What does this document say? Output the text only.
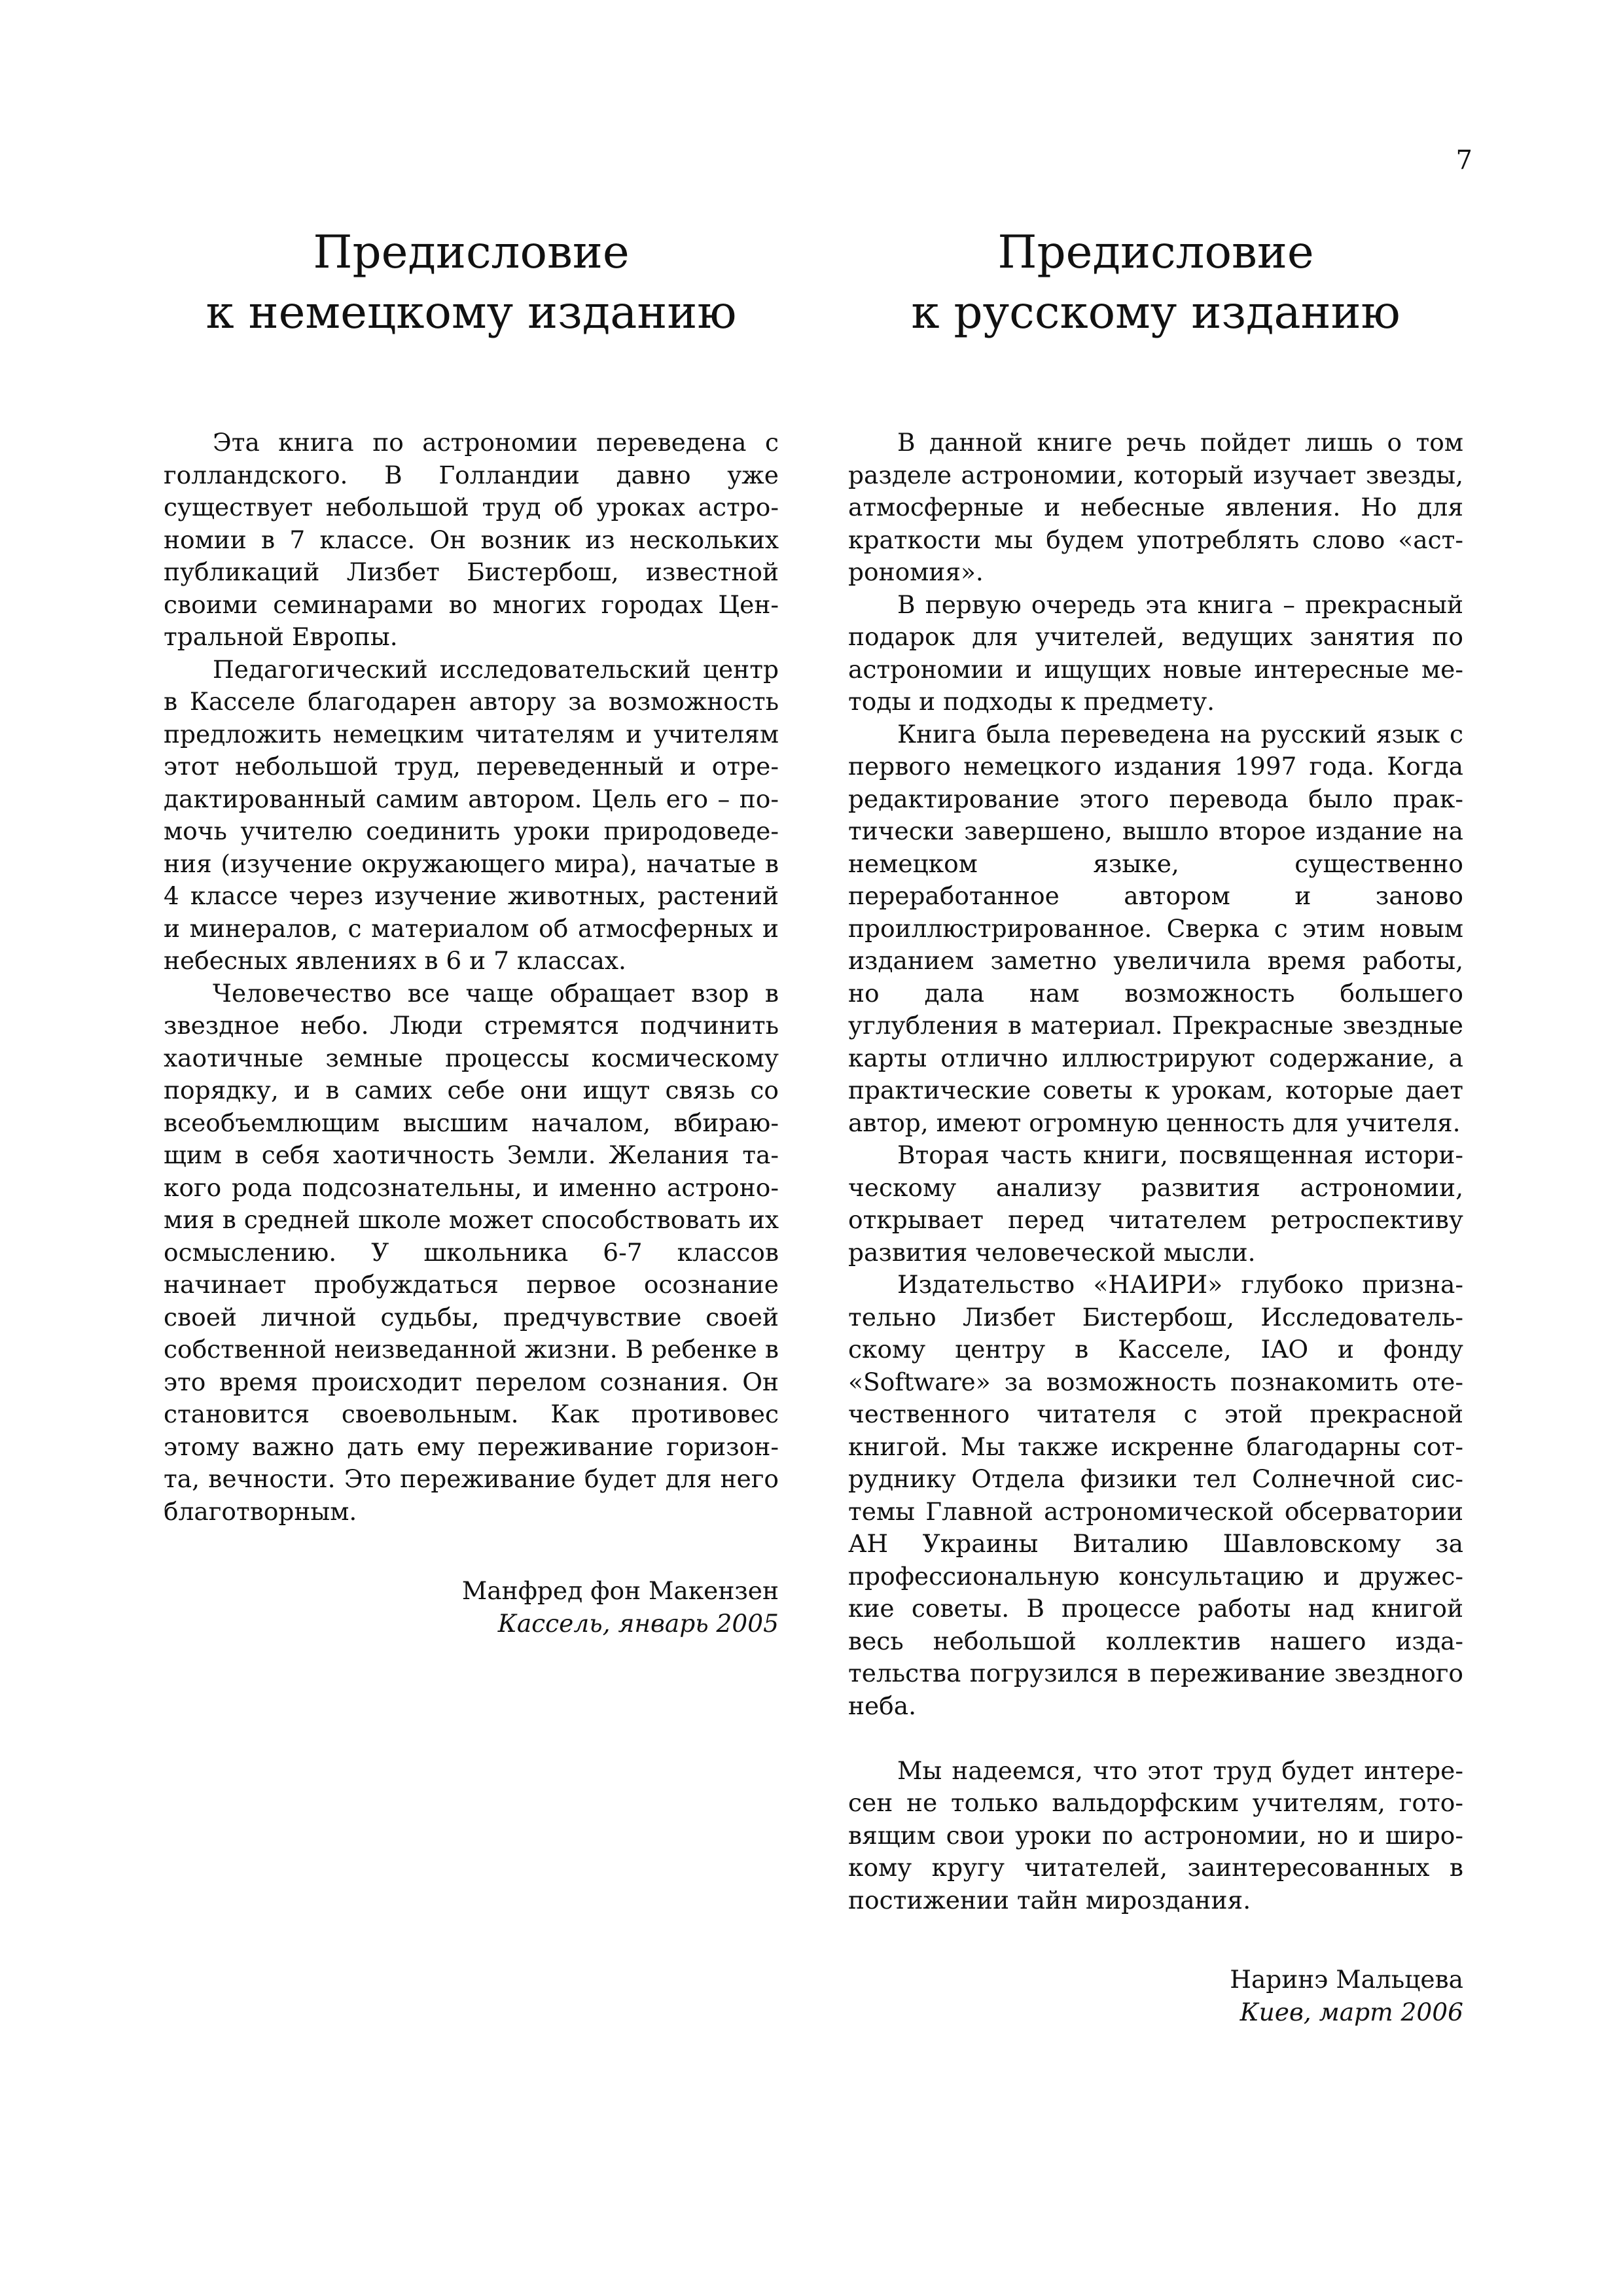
7
Предисловие
к немецкому изданию

Эта книга по астрономии переведена с голландского. В Голландии давно уже существует небольшой труд об уроках астрономии в 7 классе. Он возник из нескольких публикаций Лизбет Бистербош, известной своими семинарами во многих городах Центральной Европы.

Педагогический исследовательский центр в Касселе благодарен автору за возможность предложить немецким читателям и учителям этот небольшой труд, переведенный и отредактированный самим автором. Цель его – помочь учителю соединить уроки природоведения (изучение окружающего мира), начатые в 4 классе через изучение животных, растений и минералов, с материалом об атмосферных и небесных явлениях в 6 и 7 классах.

Человечество все чаще обращает взор в звездное небо. Люди стремятся подчинить хаотичные земные процессы космическому порядку, и в самих себе они ищут связь со всеобъемлющим высшим началом, вбирающим в себя хаотичность Земли. Желания такого рода подсознательны, и именно астрономия в средней школе может способствовать их осмыслению. У школьника 6-7 классов начинает пробуждаться первое осознание своей личной судьбы, предчувствие своей собственной неизведанной жизни. В ребенке в это время происходит перелом сознания. Он становится своевольным. Как противовес этому важно дать ему переживание горизонта, вечности. Это переживание будет для него благотворным.

Манфред фон Макензен
Кассель, январь 2005
Предисловие
к русскому изданию

В данной книге речь пойдет лишь о том разделе астрономии, который изучает звезды, атмосферные и небесные явления. Но для краткости мы будем употреблять слово «астрономия».

В первую очередь эта книга – прекрасный подарок для учителей, ведущих занятия по астрономии и ищущих новые интересные методы и подходы к предмету.

Книга была переведена на русский язык с первого немецкого издания 1997 года. Когда редактирование этого перевода было практически завершено, вышло второе издание на немецком языке, существенно переработанное автором и заново проиллюстрированное. Сверка с этим новым изданием заметно увеличила время работы, но дала нам возможность большего углубления в материал. Прекрасные звездные карты отлично иллюстрируют содержание, а практические советы к урокам, которые дает автор, имеют огромную ценность для учителя.

Вторая часть книги, посвященная историческому анализу развития астрономии, открывает перед читателем ретроспективу развития человеческой мысли.

Издательство «НАИРИ» глубоко признательно Лизбет Бистербош, Исследовательскому центру в Касселе, IAO и фонду «Software» за возможность познакомить отечественного читателя с этой прекрасной книгой. Мы также искренне благодарны сотруднику Отдела физики тел Солнечной системы Главной астрономической обсерватории АН Украины Виталию Шавловскому за профессиональную консультацию и дружеские советы. В процессе работы над книгой весь небольшой коллектив нашего издательства погрузился в переживание звездного неба.

Мы надеемся, что этот труд будет интересен не только вальдорфским учителям, готовящим свои уроки по астрономии, но и широкому кругу читателей, заинтересованных в постижении тайн мироздания.

Наринэ Мальцева
Киев, март 2006
